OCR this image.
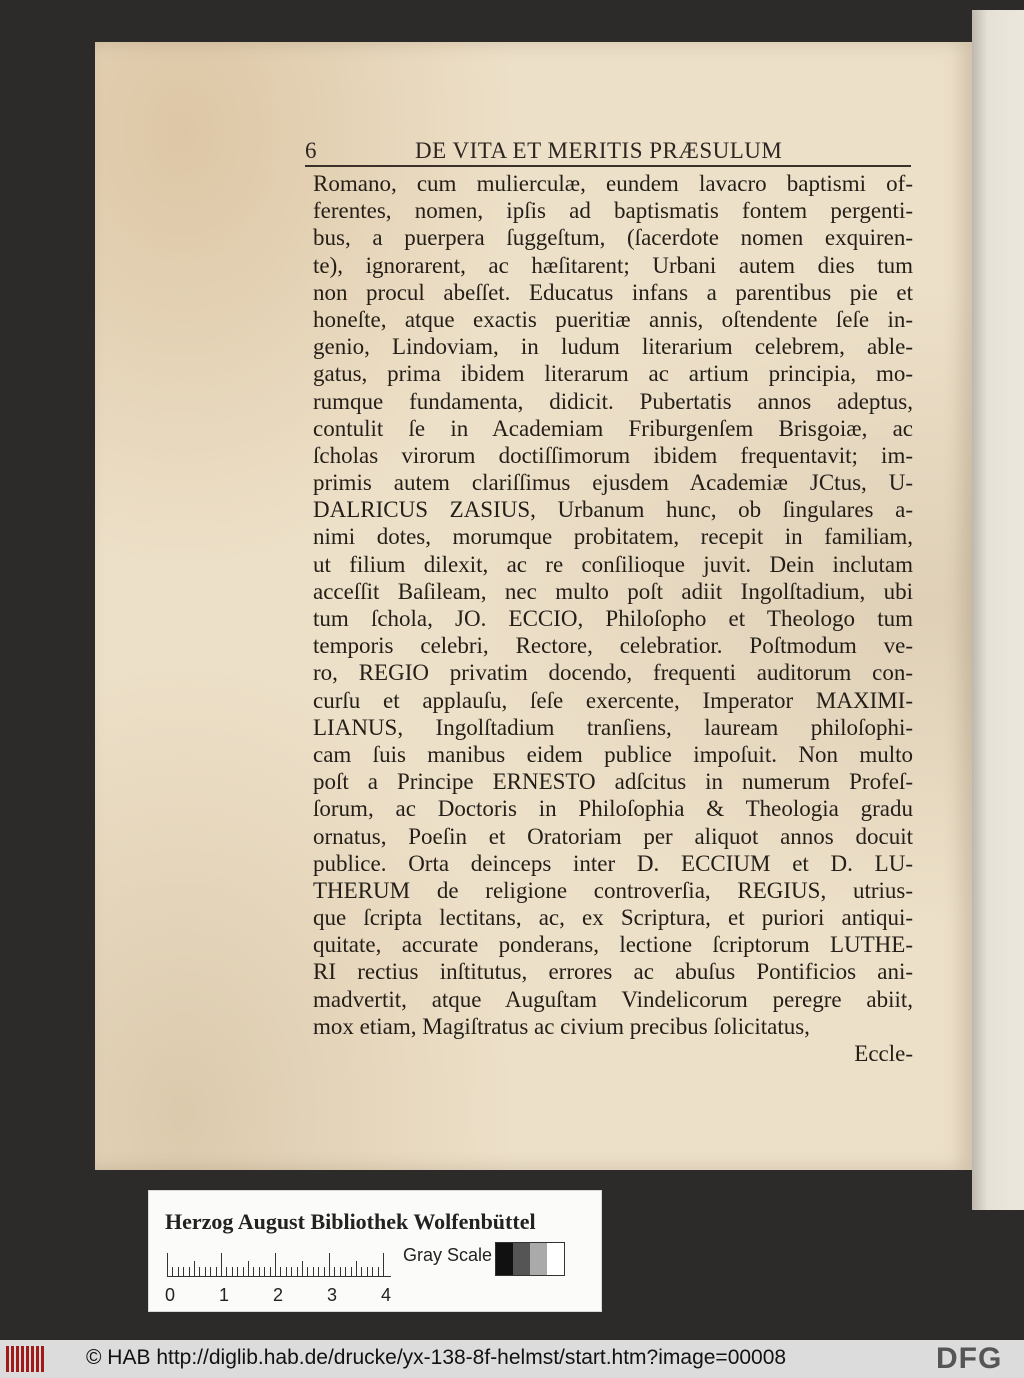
6	DE VITA ET MERITIS PRÆSULUM
Romano, cum mulierculæ, eundem lavacro baptismi of-
ferentes, nomen, ipſis ad baptismatis fontem pergenti-
bus, a puerpera ſuggeſtum, (ſacerdote nomen exquiren-
te), ignorarent, ac hæſitarent; Urbani autem dies tum
non procul abeſſet. Educatus infans a parentibus pie et
honeſte, atque exactis pueritiæ annis, oſtendente ſeſe in-
genio, Lindoviam, in ludum literarium celebrem, able-
gatus, prima ibidem literarum ac artium principia, mo-
rumque fundamenta, didicit. Pubertatis annos adeptus,
contulit ſe in Academiam Friburgenſem Brisgoiæ, ac
ſcholas virorum doctiſſimorum ibidem frequentavit; im-
primis autem clariſſimus ejusdem Academiæ JCtus, U-
DALRICUS ZASIUS, Urbanum hunc, ob ſingulares a-
nimi dotes, morumque probitatem, recepit in familiam,
ut filium dilexit, ac re conſilioque juvit. Dein inclutam
acceſſit Baſileam, nec multo poſt adiit Ingolſtadium, ubi
tum ſchola, JO. ECCIO, Philoſopho et Theologo tum
temporis celebri, Rectore, celebratior. Poſtmodum ve-
ro, REGIO privatim docendo, frequenti auditorum con-
curſu et applauſu, ſeſe exercente, Imperator MAXIMI-
LIANUS, Ingolſtadium tranſiens, lauream philoſophi-
cam ſuis manibus eidem publice impoſuit. Non multo
poſt a Principe ERNESTO adſcitus in numerum Profeſ-
ſorum, ac Doctoris in Philoſophia & Theologia gradu
ornatus, Poeſin et Oratoriam per aliquot annos docuit
publice. Orta deinceps inter D. ECCIUM et D. LU-
THERUM de religione controverſia, REGIUS, utrius-
que ſcripta lectitans, ac, ex Scriptura, et puriori antiqui-
quitate, accurate ponderans, lectione ſcriptorum LUTHE-
RI rectius inſtitutus, errores ac abuſus Pontificios ani-
madvertit, atque Auguſtam Vindelicorum peregre abiit,
mox etiam, Magiſtratus ac civium precibus ſolicitatus,
Eccle-
Herzog August Bibliothek Wolfenbüttel
0 1 2 3 4
Gray Scale
© HAB http://diglib.hab.de/drucke/yx-138-8f-helmst/start.htm?image=00008	DFG
